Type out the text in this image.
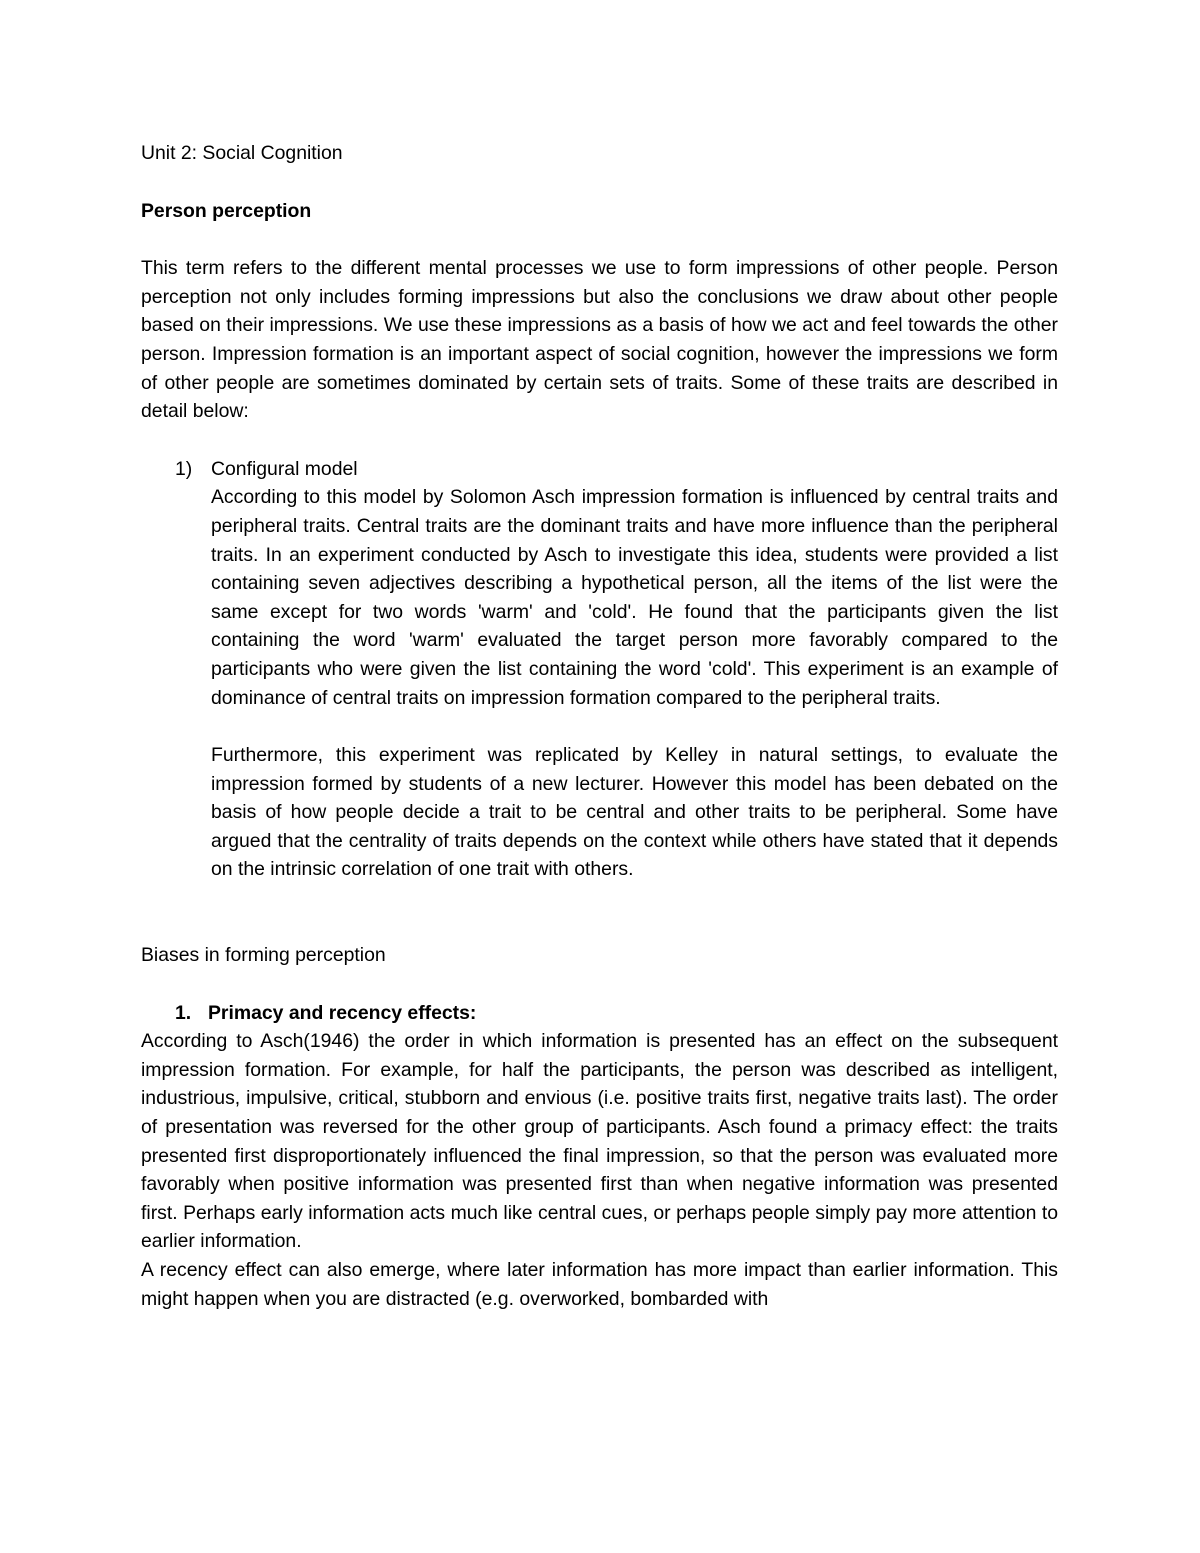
Unit 2: Social Cognition

Person perception

This term refers to the different mental processes we use to form impressions of other people. Person perception not only includes forming impressions but also the conclusions we draw about other people based on their impressions. We use these impressions as a basis of how we act and feel towards the other person. Impression formation is an important aspect of social cognition, however the impressions we form of other people are sometimes dominated by certain sets of traits. Some of these traits are described in detail below:

1) Configural model

According to this model by Solomon Asch impression formation is influenced by central traits and peripheral traits. Central traits are the dominant traits and have more influence than the peripheral traits. In an experiment conducted by Asch to investigate this idea, students were provided a list containing seven adjectives describing a hypothetical person, all the items of the list were the same except for two words 'warm' and 'cold'. He found that the participants given the list containing the word 'warm' evaluated the target person more favorably compared to the participants who were given the list containing the word 'cold'. This experiment is an example of dominance of central traits on impression formation compared to the peripheral traits.

Furthermore, this experiment was replicated by Kelley in natural settings, to evaluate the impression formed by students of a new lecturer. However this model has been debated on the basis of how people decide a trait to be central and other traits to be peripheral. Some have argued that the centrality of traits depends on the context while others have stated that it depends on the intrinsic correlation of one trait with others.

Biases in forming perception

1. Primacy and recency effects:

According to Asch(1946) the order in which information is presented has an effect on the subsequent impression formation. For example, for half the participants, the person was described as intelligent, industrious, impulsive, critical, stubborn and envious (i.e. positive traits first, negative traits last). The order of presentation was reversed for the other group of participants. Asch found a primacy effect: the traits presented first disproportionately influenced the final impression, so that the person was evaluated more favorably when positive information was presented first than when negative information was presented first. Perhaps early information acts much like central cues, or perhaps people simply pay more attention to earlier information.

A recency effect can also emerge, where later information has more impact than earlier information. This might happen when you are distracted (e.g. overworked, bombarded with
